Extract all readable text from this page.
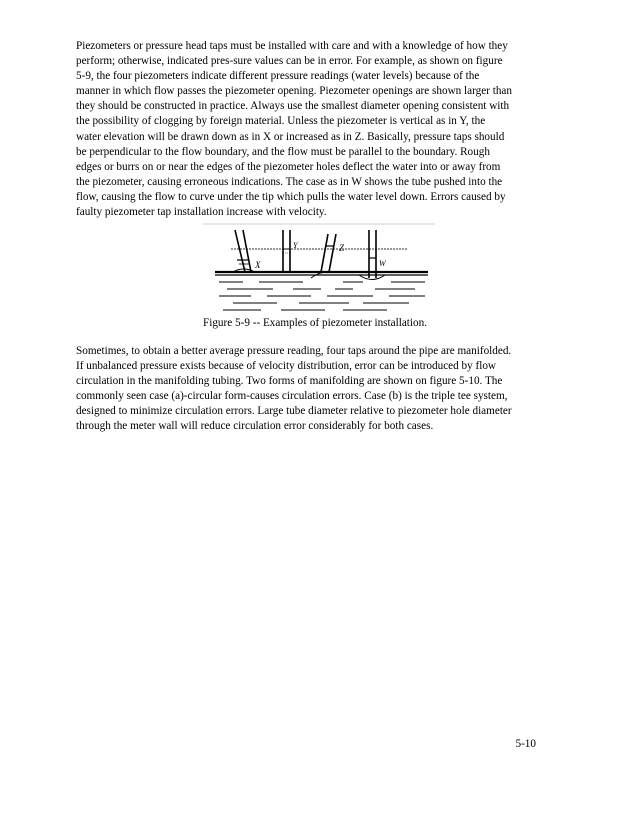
Piezometers or pressure head taps must be installed with care and with a knowledge of how they
perform; otherwise, indicated pres-sure values can be in error. For example, as shown on figure
5-9, the four piezometers indicate different pressure readings (water levels) because of the
manner in which flow passes the piezometer opening. Piezometer openings are shown larger than
they should be constructed in practice. Always use the smallest diameter opening consistent with
the possibility of clogging by foreign material. Unless the piezometer is vertical as in Y, the
water elevation will be drawn down as in X or increased as in Z. Basically, pressure taps should
be perpendicular to the flow boundary, and the flow must be parallel to the boundary. Rough
edges or burrs on or near the edges of the piezometer holes deflect the water into or away from
the piezometer, causing erroneous indications. The case as in W shows the tube pushed into the
flow, causing the flow to curve under the tip which pulls the water level down. Errors caused by
faulty piezometer tap installation increase with velocity.

X
Y	Z
W
Figure 5-9 -- Examples of piezometer installation.

Sometimes, to obtain a better average pressure reading, four taps around the pipe are manifolded.
If unbalanced pressure exists because of velocity distribution, error can be introduced by flow
circulation in the manifolding tubing. Two forms of manifolding are shown on figure 5-10. The
commonly seen case (a)-circular form-causes circulation errors. Case (b) is the triple tee system,
designed to minimize circulation errors. Large tube diameter relative to piezometer hole diameter
through the meter wall will reduce circulation error considerably for both cases.

5-10
